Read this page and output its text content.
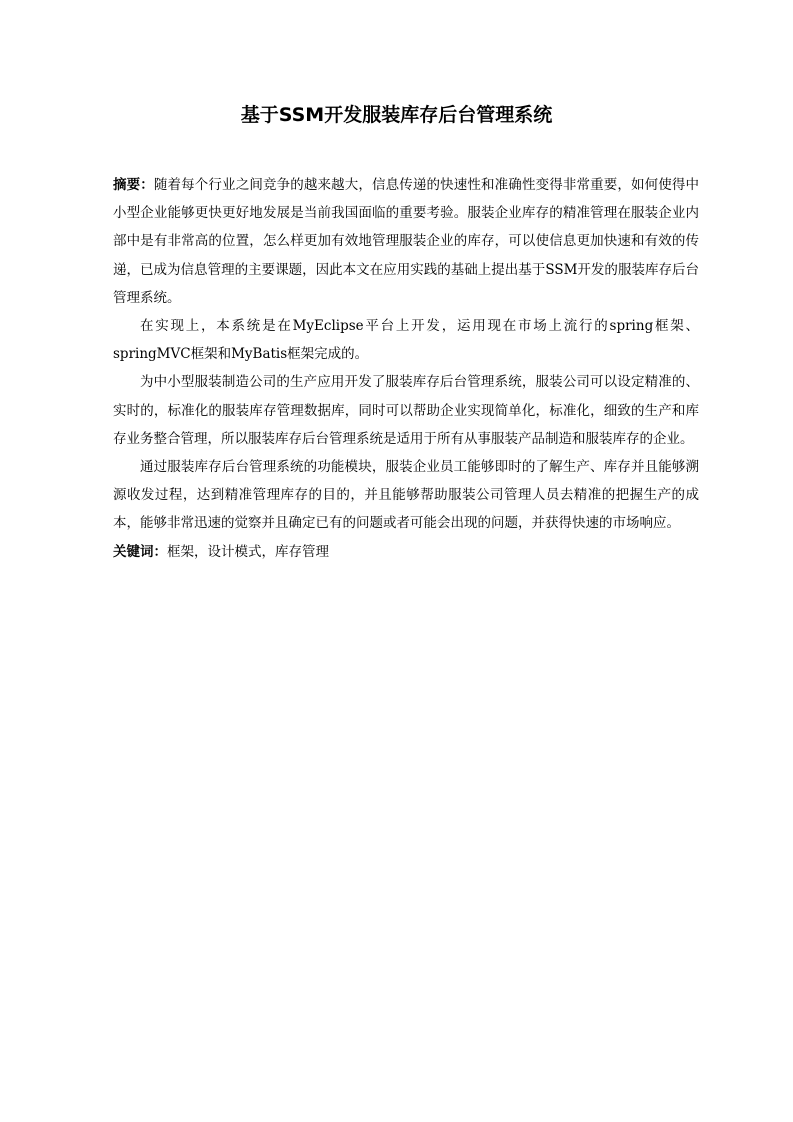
基于SSM开发服装库存后台管理系统

摘要：随着每个行业之间竞争的越来越大，信息传递的快速性和准确性变得非常重要，如何使得中小型企业能够更快更好地发展是当前我国面临的重要考验。服装企业库存的精准管理在服装企业内部中是有非常高的位置，怎么样更加有效地管理服装企业的库存，可以使信息更加快速和有效的传递，已成为信息管理的主要课题，因此本文在应用实践的基础上提出基于SSM开发的服装库存后台管理系统。

在实现上，本系统是在MyEclipse平台上开发，运用现在市场上流行的spring框架、springMVC框架和MyBatis框架完成的。

为中小型服装制造公司的生产应用开发了服装库存后台管理系统，服装公司可以设定精准的、实时的，标准化的服装库存管理数据库，同时可以帮助企业实现简单化，标准化，细致的生产和库存业务整合管理，所以服装库存后台管理系统是适用于所有从事服装产品制造和服装库存的企业。

通过服装库存后台管理系统的功能模块，服装企业员工能够即时的了解生产、库存并且能够溯源收发过程，达到精准管理库存的目的，并且能够帮助服装公司管理人员去精准的把握生产的成本，能够非常迅速的觉察并且确定已有的问题或者可能会出现的问题，并获得快速的市场响应。

关键词：框架，设计模式，库存管理
